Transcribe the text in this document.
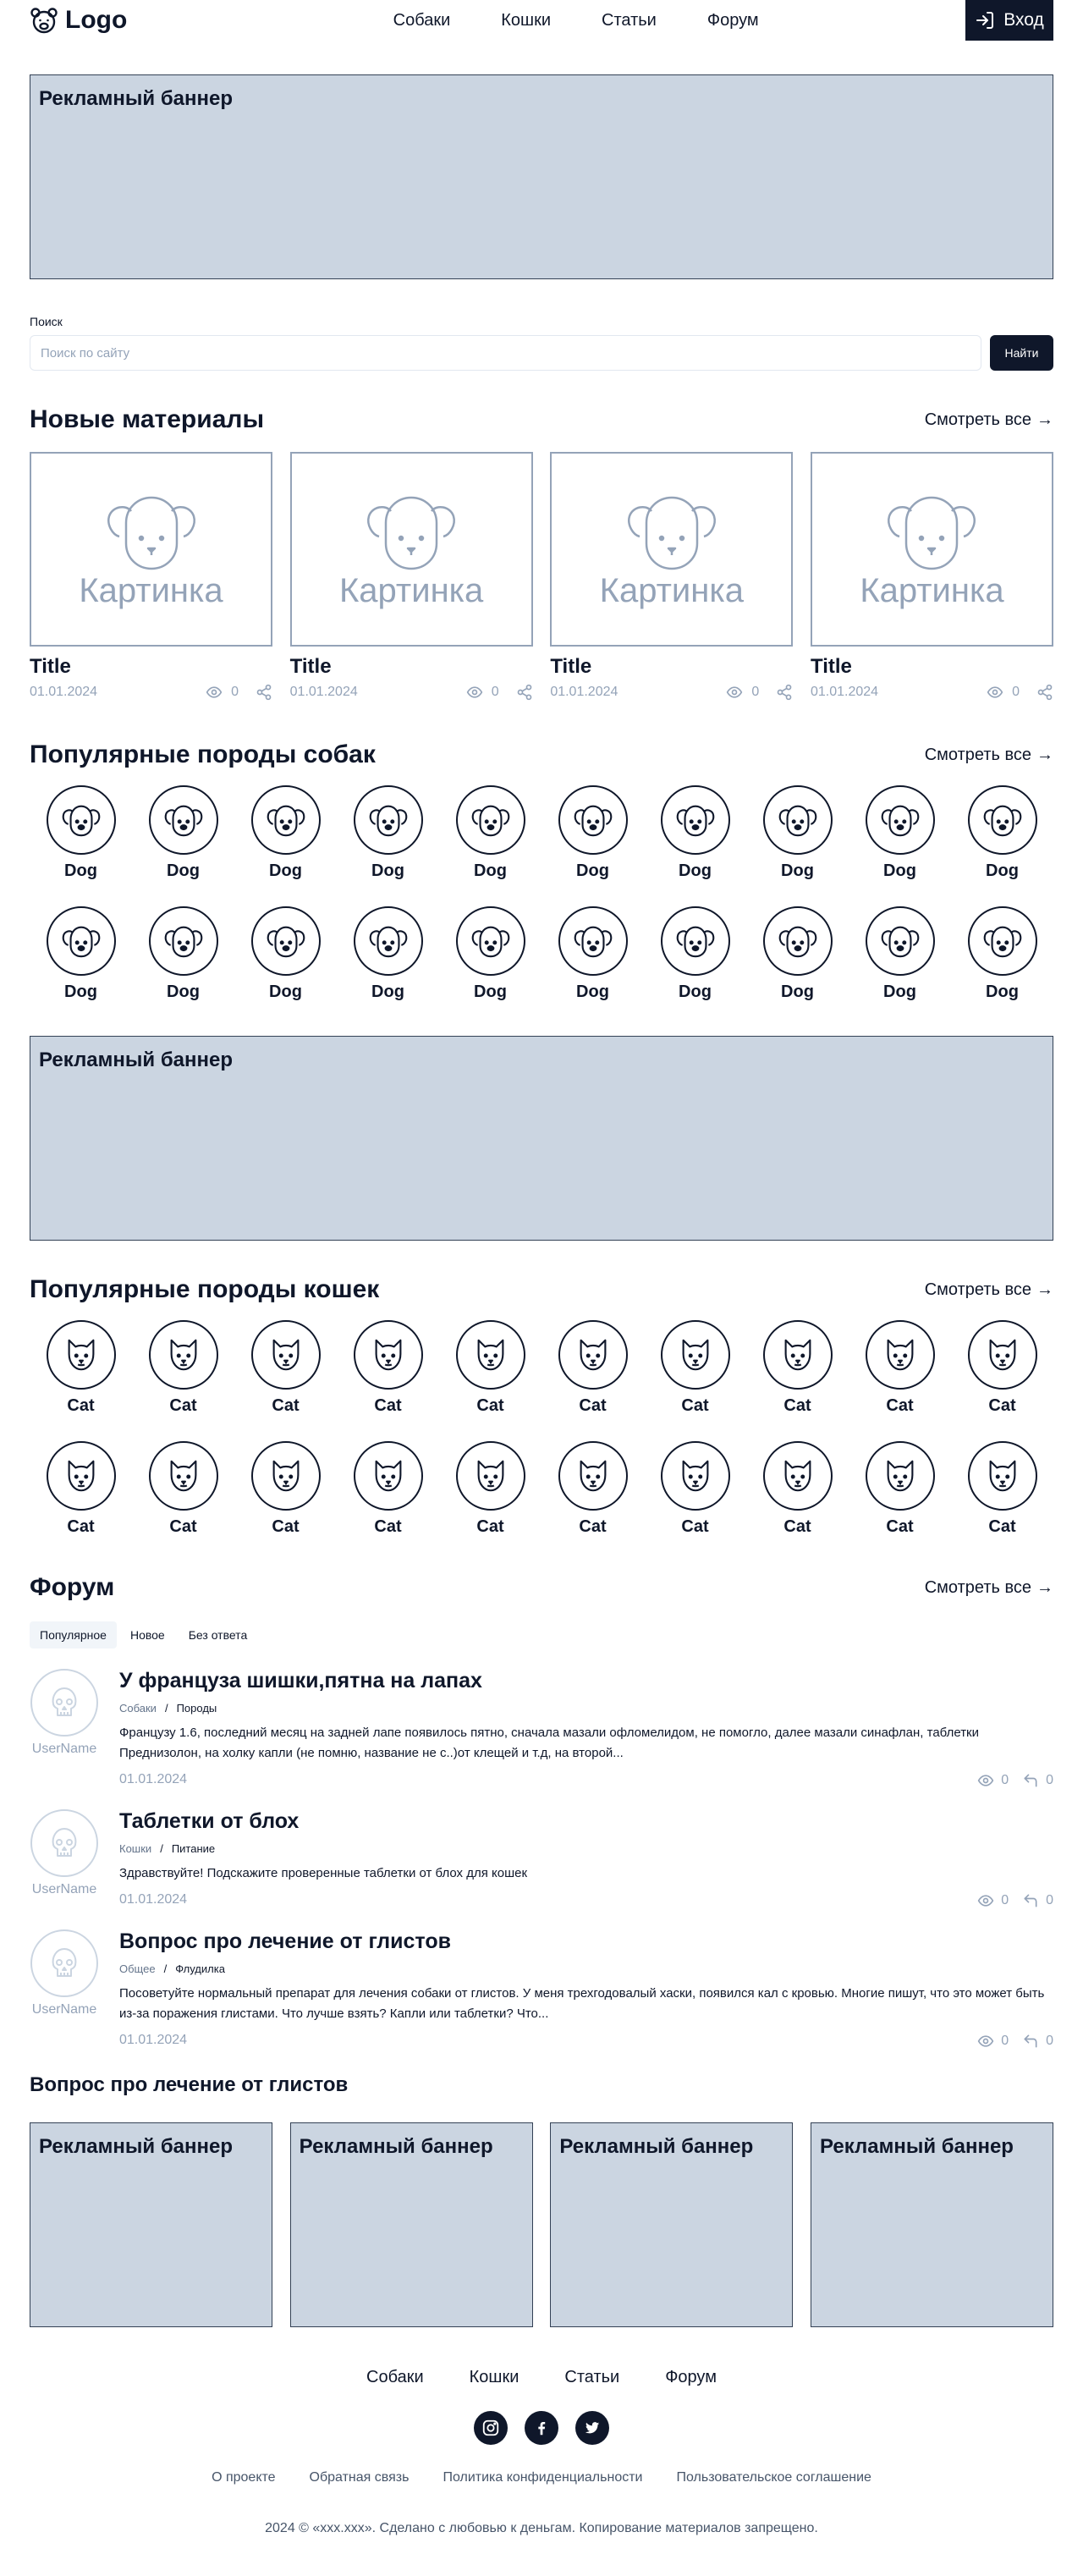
Logo	Собаки	Кошки	Статьи	Форум	Вход
Рекламный баннер
Поиск
Поиск по сайту
Найти
Новые материалы	Смотреть все →
Картинка
Title
01.01.2024	0
Картинка
Title
01.01.2024	0
Картинка
Title
01.01.2024	0
Картинка
Title
01.01.2024	0
Популярные породы собак	Смотреть все →
Dog	Dog	Dog	Dog	Dog	Dog	Dog	Dog	Dog	Dog
Dog	Dog	Dog	Dog	Dog	Dog	Dog	Dog	Dog	Dog
Рекламный баннер
Популярные породы кошек	Смотреть все →
Cat	Cat	Cat	Cat	Cat	Cat	Cat	Cat	Cat	Cat
Cat	Cat	Cat	Cat	Cat	Cat	Cat	Cat	Cat	Cat
Форум	Смотреть все →
Популярное	Новое	Без ответа
UserName
У француза шишки,пятна на лапах
Собаки / Породы
Французу 1.6, последний месяц на задней лапе появилось пятно, сначала мазали офломелидом, не помогло, далее мазали синафлан, таблетки Преднизолон, на холку капли (не помню, название не с..)от клещей и т.д, на второй...
01.01.2024	0	0
UserName
Таблетки от блох
Кошки / Питание
Здравствуйте! Подскажите проверенные таблетки от блох для кошек
01.01.2024	0	0
UserName
Вопрос про лечение от глистов
Общее / Флудилка
Посоветуйте нормальный препарат для лечения собаки от глистов. У меня трехгодовалый хаски, появился кал с кровью. Многие пишут, что это может быть из-за поражения глистами. Что лучше взять? Капли или таблетки? Что...
01.01.2024	0	0
Вопрос про лечение от глистов
Рекламный баннер	Рекламный баннер	Рекламный баннер	Рекламный баннер
Собаки	Кошки	Статьи	Форум
О проекте	Обратная связь	Политика конфиденциальности	Пользовательское соглашение
2024 © «xxx.xxx». Сделано с любовью к деньгам. Копирование материалов запрещено.
